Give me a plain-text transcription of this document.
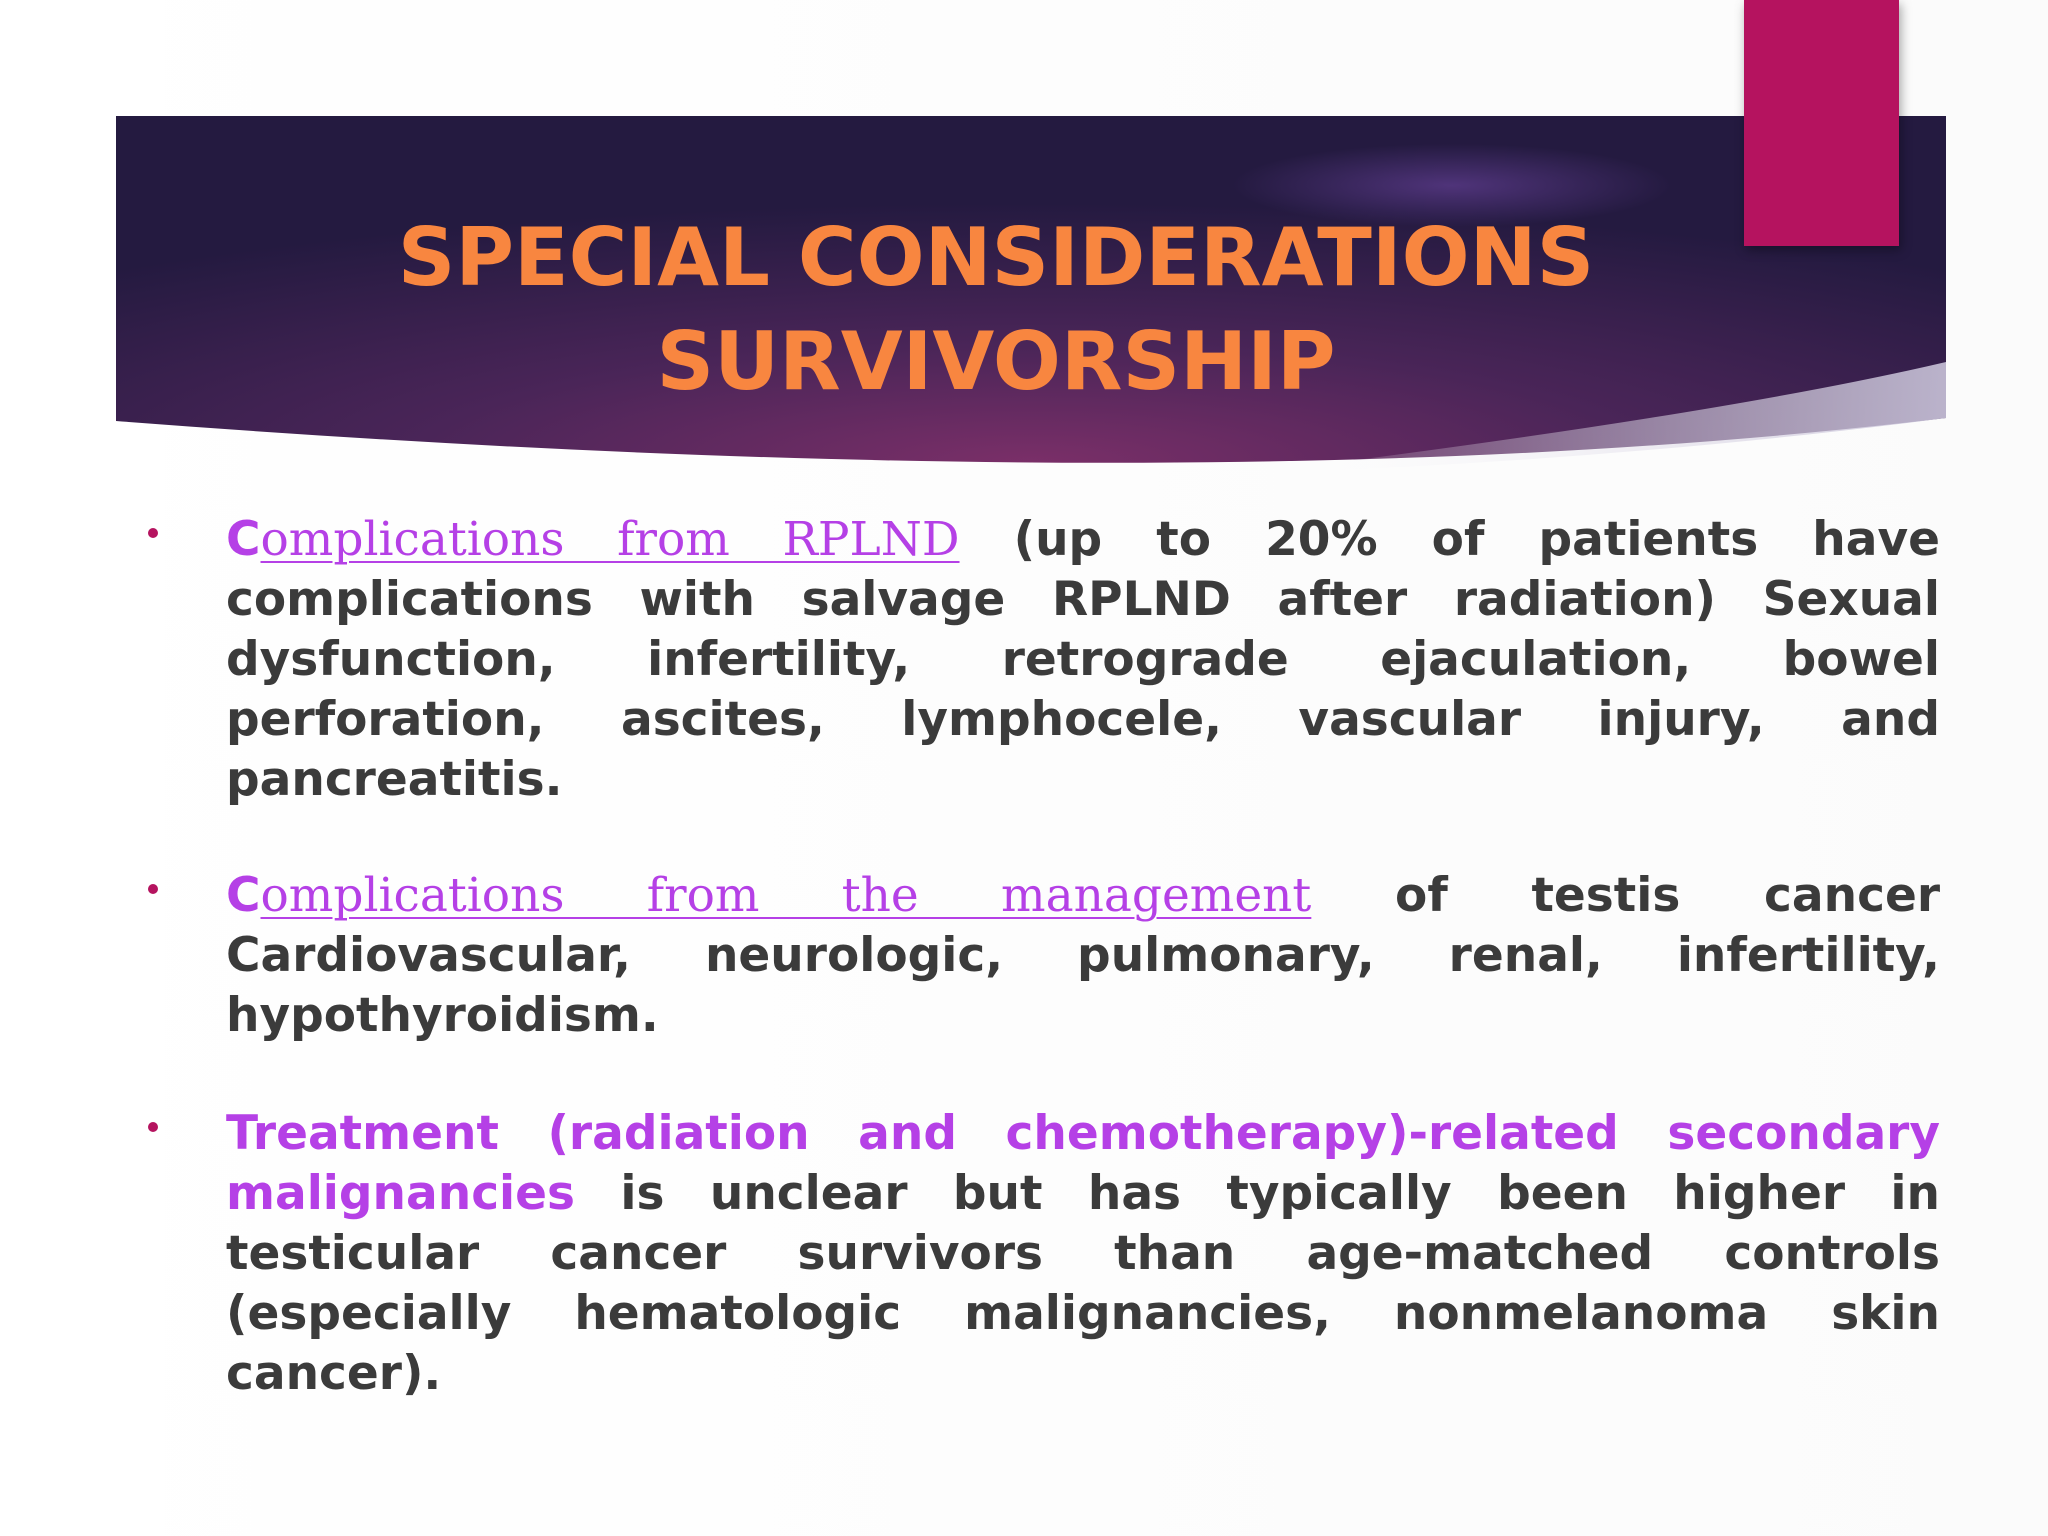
SPECIAL CONSIDERATIONS
SURVIVORSHIP

Complications from RPLND (up to 20% of patients have complications with salvage RPLND after radiation) Sexual dysfunction, infertility, retrograde ejaculation, bowel perforation, ascites, lymphocele, vascular injury, and pancreatitis.

Complications from the management of testis cancer Cardiovascular, neurologic, pulmonary, renal, infertility, hypothyroidism.

Treatment (radiation and chemotherapy)-related secondary malignancies is unclear but has typically been higher in testicular cancer survivors than age-matched controls (especially hematologic malignancies, nonmelanoma skin cancer).
